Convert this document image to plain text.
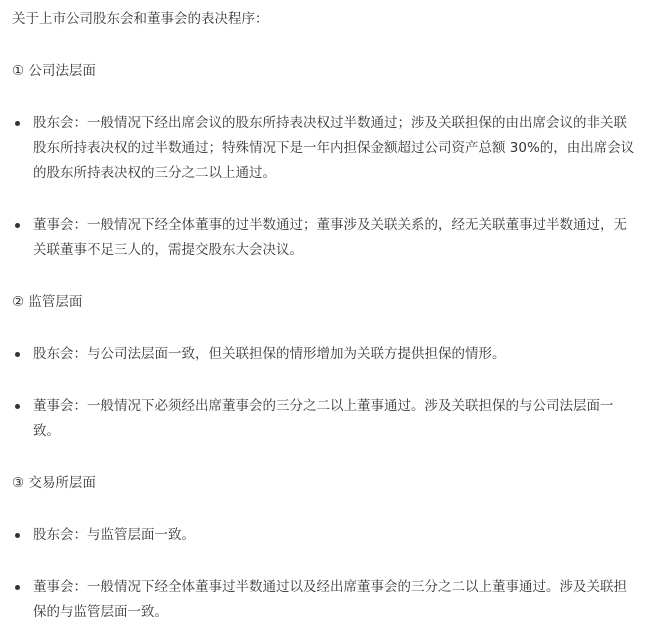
关于上市公司股东会和董事会的表决程序：

① 公司法层面

股东会：一般情况下经出席会议的股东所持表决权过半数通过；涉及关联担保的由出席会议的非关联股东所持表决权的过半数通过；特殊情况下是一年内担保金额超过公司资产总额 30%的，由出席会议的股东所持表决权的三分之二以上通过。
董事会：一般情况下经全体董事的过半数通过；董事涉及关联关系的，经无关联董事过半数通过，无关联董事不足三人的，需提交股东大会决议。

② 监管层面

股东会：与公司法层面一致，但关联担保的情形增加为关联方提供担保的情形。
董事会：一般情况下必须经出席董事会的三分之二以上董事通过。涉及关联担保的与公司法层面一致。

③ 交易所层面

股东会：与监管层面一致。
董事会：一般情况下经全体董事过半数通过以及经出席董事会的三分之二以上董事通过。涉及关联担保的与监管层面一致。
